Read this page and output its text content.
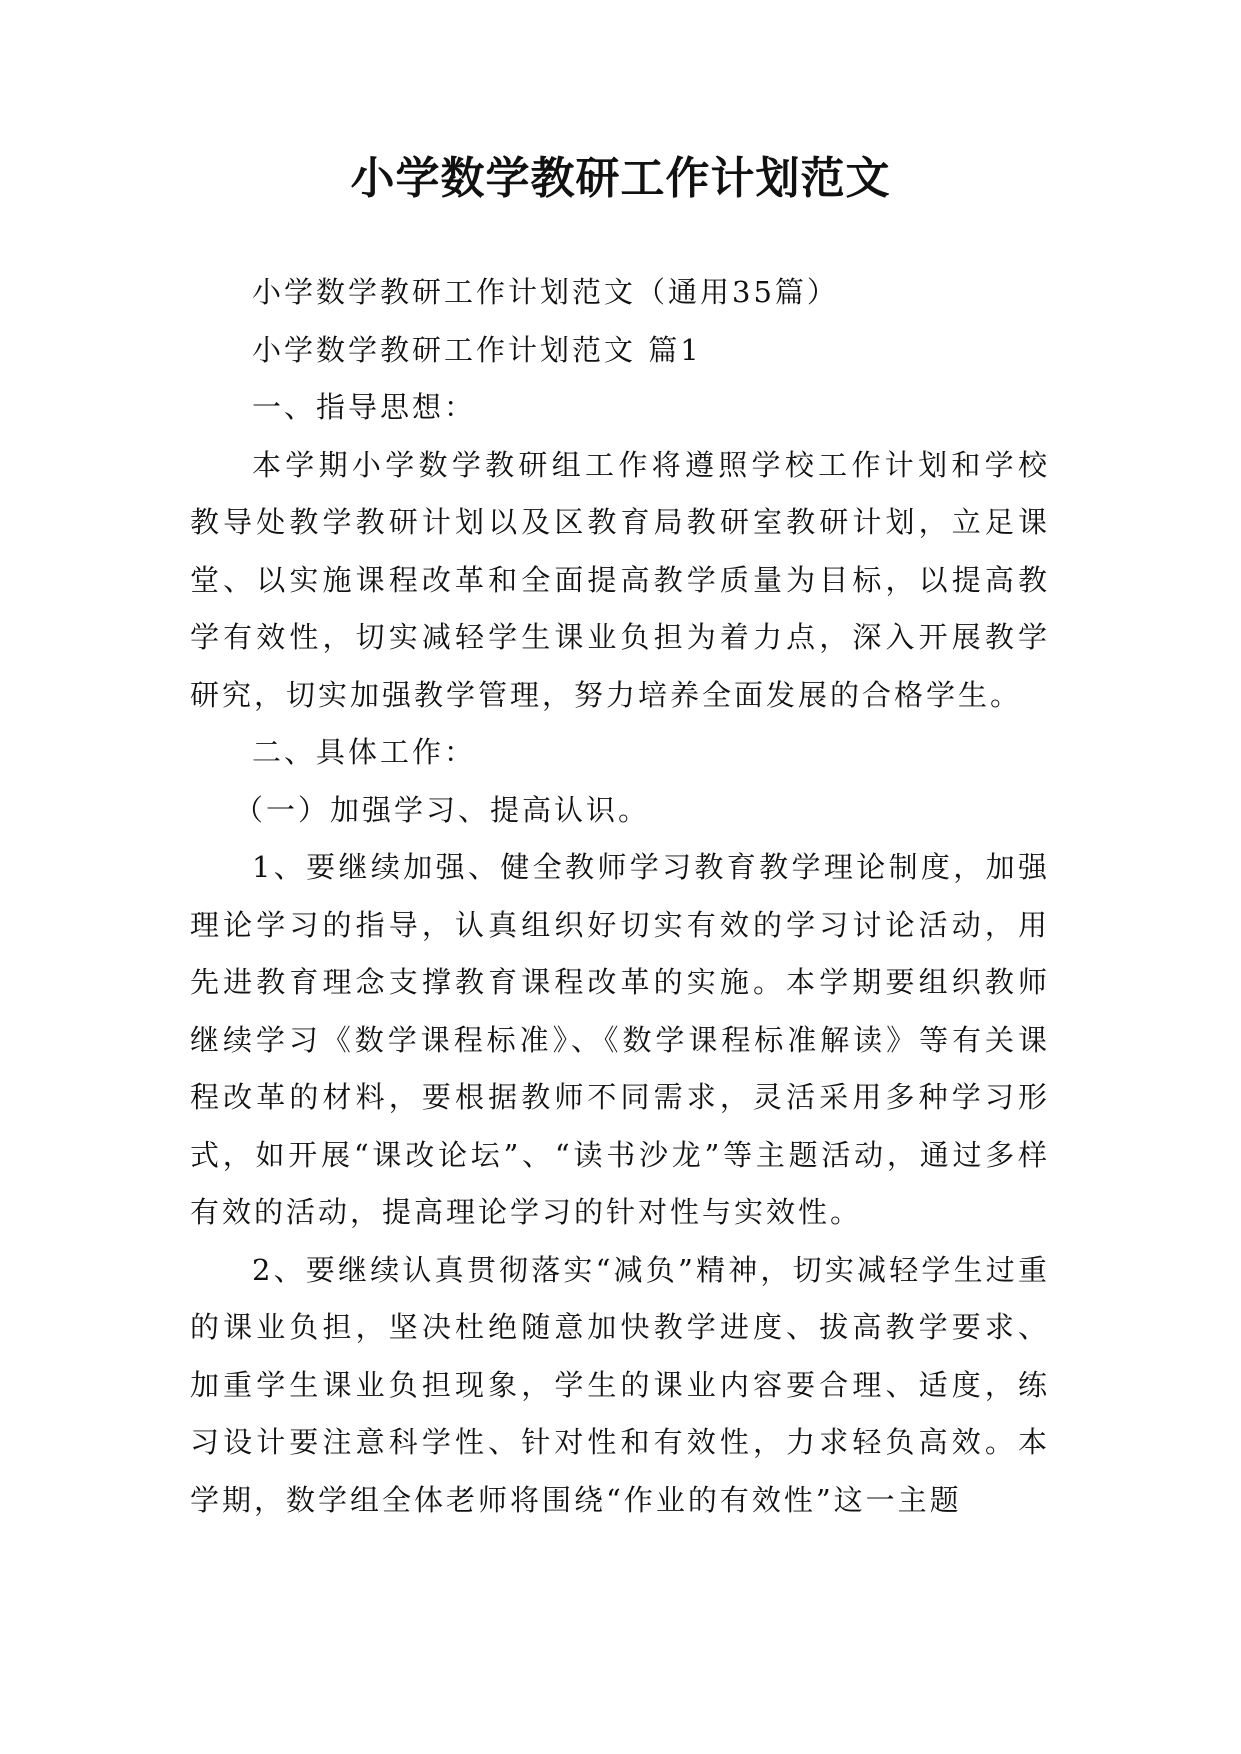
小学数学教研工作计划范文

小学数学教研工作计划范文（通用35篇）

小学数学教研工作计划范文 篇1

一、指导思想：

本学期小学数学教研组工作将遵照学校工作计划和学校教导处教学教研计划以及区教育局教研室教研计划，立足课堂、以实施课程改革和全面提高教学质量为目标，以提高教学有效性，切实减轻学生课业负担为着力点，深入开展教学研究，切实加强教学管理，努力培养全面发展的合格学生。

二、具体工作：

（一）加强学习、提高认识。

1、要继续加强、健全教师学习教育教学理论制度，加强理论学习的指导，认真组织好切实有效的学习讨论活动，用先进教育理念支撑教育课程改革的实施。本学期要组织教师继续学习《数学课程标准》、《数学课程标准解读》等有关课程改革的材料，要根据教师不同需求，灵活采用多种学习形式，如开展“课改论坛”、“读书沙龙”等主题活动，通过多样有效的活动，提高理论学习的针对性与实效性。

2、要继续认真贯彻落实“减负”精神，切实减轻学生过重的课业负担，坚决杜绝随意加快教学进度、拔高教学要求、加重学生课业负担现象，学生的课业内容要合理、适度，练习设计要注意科学性、针对性和有效性，力求轻负高效。本学期，数学组全体老师将围绕“作业的有效性”这一主题
